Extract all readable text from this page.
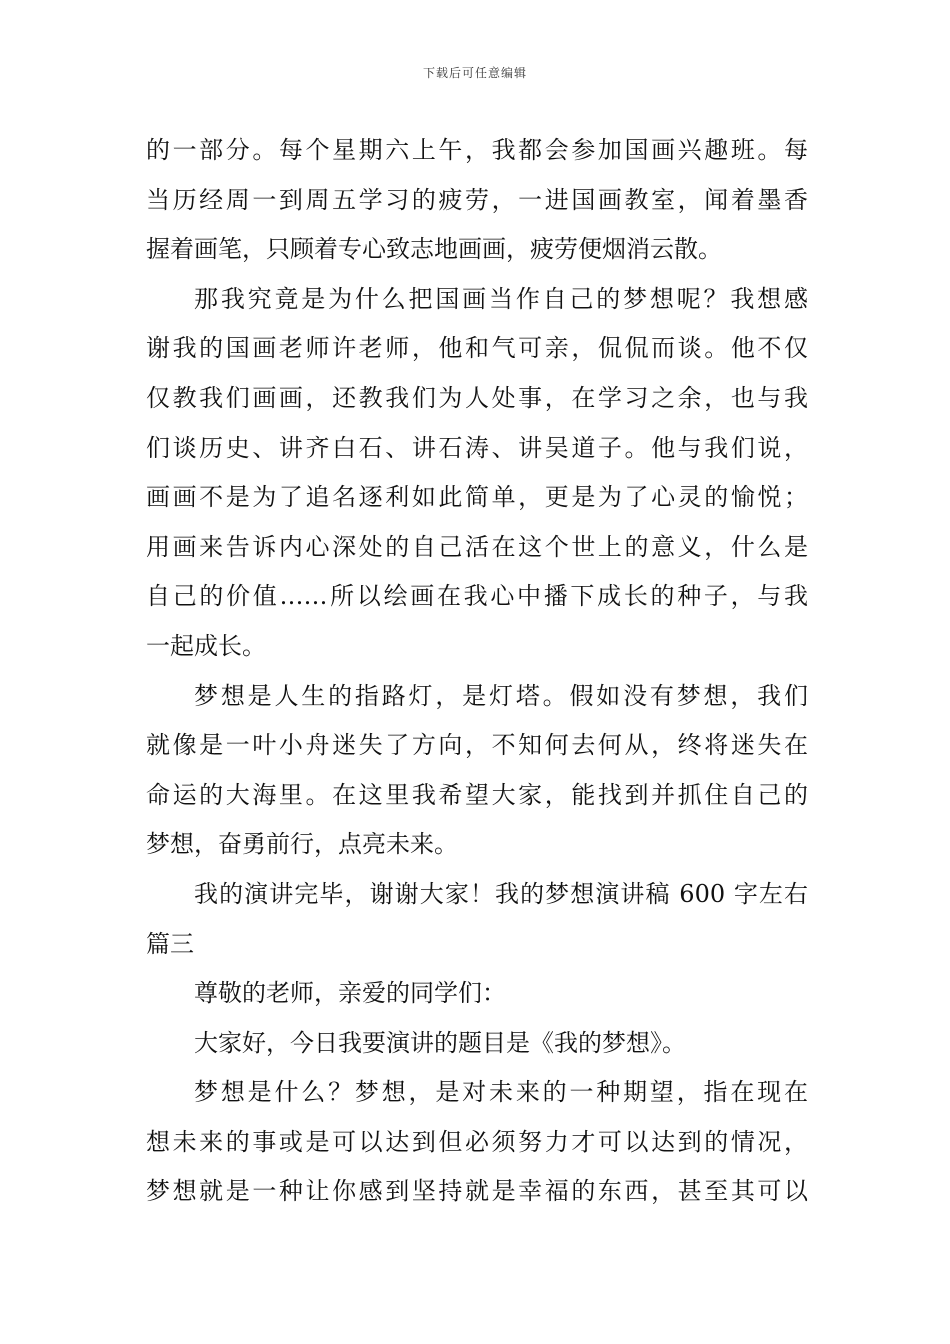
下载后可任意编辑
的一部分。每个星期六上午，我都会参加国画兴趣班。每
当历经周一到周五学习的疲劳，一进国画教室，闻着墨香
握着画笔，只顾着专心致志地画画，疲劳便烟消云散。
那我究竟是为什么把国画当作自己的梦想呢？我想感
谢我的国画老师许老师，他和气可亲，侃侃而谈。他不仅
仅教我们画画，还教我们为人处事，在学习之余，也与我
们谈历史、讲齐白石、讲石涛、讲吴道子。他与我们说，
画画不是为了追名逐利如此简单，更是为了心灵的愉悦；
用画来告诉内心深处的自己活在这个世上的意义，什么是
自己的价值……所以绘画在我心中播下成长的种子，与我
一起成长。
梦想是人生的指路灯，是灯塔。假如没有梦想，我们
就像是一叶小舟迷失了方向，不知何去何从，终将迷失在
命运的大海里。在这里我希望大家，能找到并抓住自己的
梦想，奋勇前行，点亮未来。
我的演讲完毕，谢谢大家！我的梦想演讲稿 600 字左右
篇三
尊敬的老师，亲爱的同学们：
大家好，今日我要演讲的题目是《我的梦想》。
梦想是什么？梦想，是对未来的一种期望，指在现在
想未来的事或是可以达到但必须努力才可以达到的情况，
梦想就是一种让你感到坚持就是幸福的东西，甚至其可以
